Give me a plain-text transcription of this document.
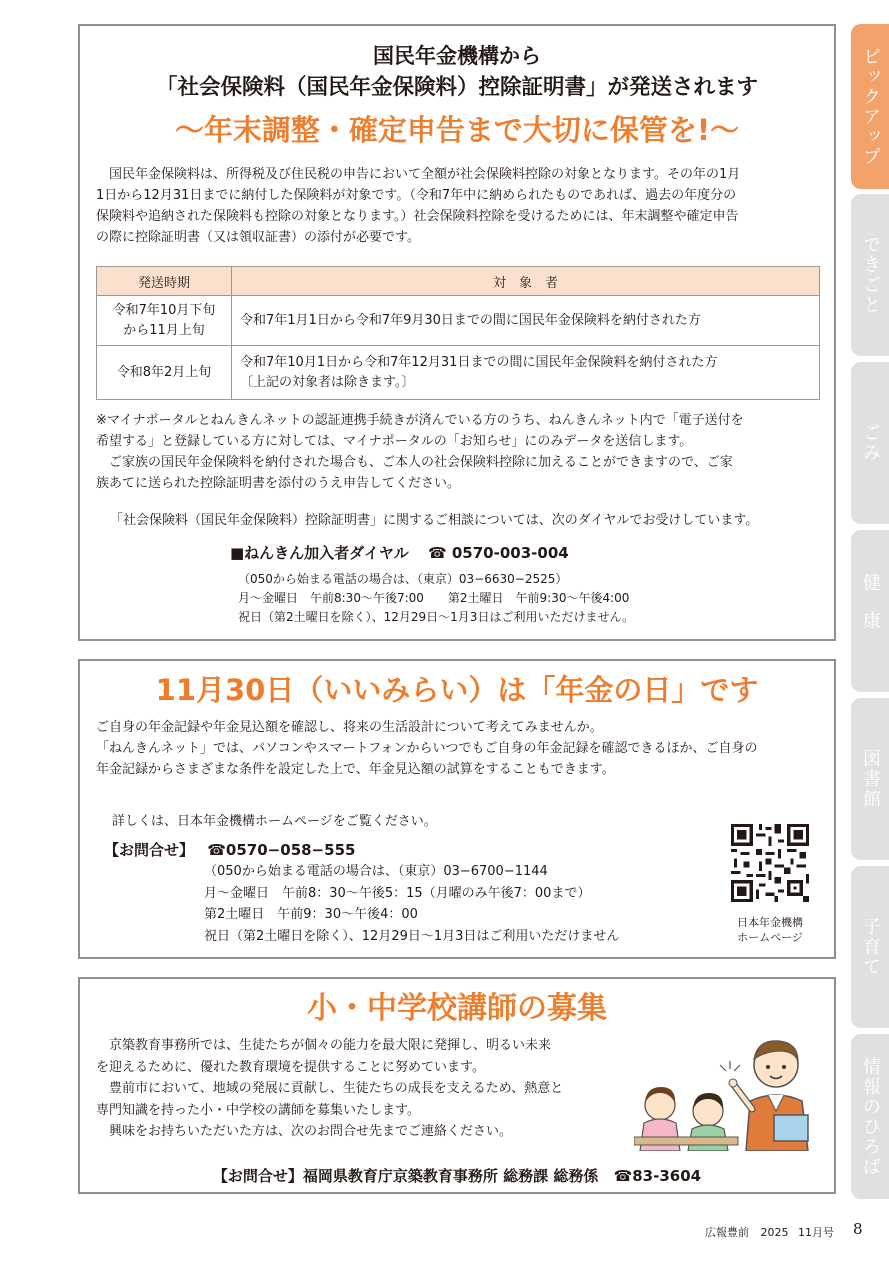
国民年金機構から
「社会保険料（国民年金保険料）控除証明書」が発送されます
～年末調整・確定申告まで大切に保管を!～

国民年金保険料は、所得税及び住民税の申告において全額が社会保険料控除の対象となります。その年の1月

1日から12月31日までに納付した保険料が対象です。（令和7年中に納められたものであれば、過去の年度分の

保険料や追納された保険料も控除の対象となります。）社会保険料控除を受けるためには、年末調整や確定申告

の際に控除証明書（又は領収証書）の添付が必要です。

発送時期	対　象　者

令和7年10月下旬
から11月上旬	令和7年1月1日から令和7年9月30日までの間に国民年金保険料を納付された方
令和8年2月上旬	令和7年10月1日から令和7年12月31日までの間に国民年金保険料を納付された方
〔上記の対象者は除きます。〕

※マイナポータルとねんきんネットの認証連携手続きが済んでいる方のうち、ねんきんネット内で「電子送付を

希望する」と登録している方に対しては、マイナポータルの「お知らせ」にのみデータを送信します。

ご家族の国民年金保険料を納付された場合も、ご本人の社会保険料控除に加えることができますので、ご家

族あてに送られた控除証明書を添付のうえ申告してください。

「社会保険料（国民年金保険料）控除証明書」に関するご相談については、次のダイヤルでお受けしています。

■ねんきん加入者ダイヤル ☎ 0570-003-004
（050から始まる電話の場合は、（東京）03−6630−2525）
月～金曜日　午前8:30～午後7:00　　第2土曜日　午前9:30～午後4:00
祝日（第2土曜日を除く）、12月29日～1月3日はご利用いただけません。
11月30日（いいみらい）は「年金の日」です

ご自身の年金記録や年金見込額を確認し、将来の生活設計について考えてみませんか。

「ねんきんネット」では、パソコンやスマートフォンからいつでもご自身の年金記録を確認できるほか、ご自身の

年金記録からさまざまな条件を設定した上で、年金見込額の試算をすることもできます。

詳しくは、日本年金機構ホームページをご覧ください。

【お問合せ】 ☎0570−058−555
（050から始まる電話の場合は、（東京）03−6700−1144
月～金曜日　午前8：30～午後5：15（月曜のみ午後7：00まで）
第2土曜日　午前9：30～午後4：00
祝日（第2土曜日を除く）、12月29日～1月3日はご利用いただけません
日本年金機構
ホームページ
小・中学校講師の募集
京築教育事務所では、生徒たちが個々の能力を最大限に発揮し、明るい未来
を迎えるために、優れた教育環境を提供することに努めています。
豊前市において、地域の発展に貢献し、生徒たちの成長を支えるため、熱意と
専門知識を持った小・中学校の講師を募集いたします。
興味をお持ちいただいた方は、次のお問合せ先までご連絡ください。
【お問合せ】福岡県教育庁京築教育事務所 総務課 総務係 ☎83-3604
ピックアップ
できごと
ごみ
健康
図書館
子育て
情報のひろば
広報豊前 2025 11月号 8
